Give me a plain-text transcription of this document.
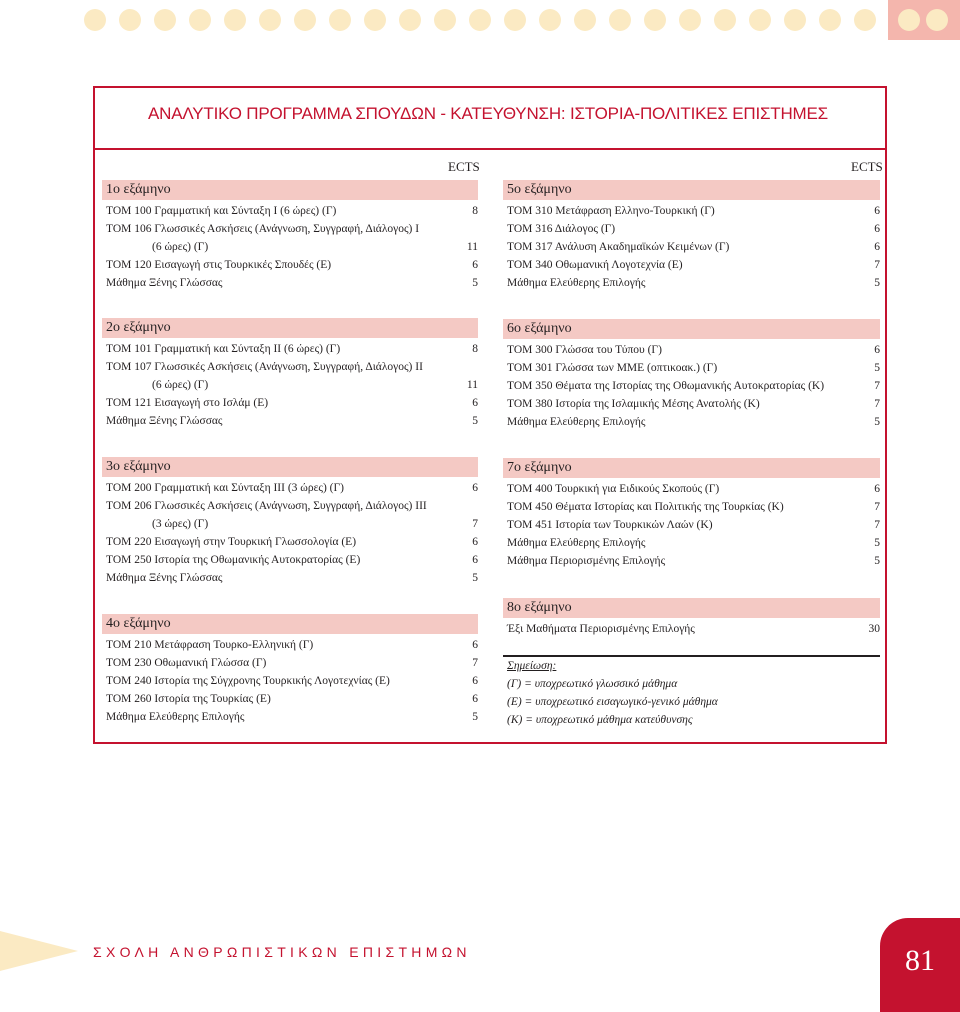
ΑΝΑΛΥΤΙΚΟ ΠΡΟΓΡΑΜΜΑ ΣΠΟΥΔΩΝ - ΚΑΤΕΥΘΥΝΣΗ: ΙΣΤΟΡΙΑ-ΠΟΛΙΤΙΚΕΣ ΕΠΙΣΤΗΜΕΣ
ECTS	ECTS
1ο εξάμηνο
ΤΟΜ 100 Γραμματική και Σύνταξη Ι (6 ώρες) (Γ)	8
ΤΟΜ 106 Γλωσσικές Ασκήσεις (Ανάγνωση, Συγγραφή, Διάλογος) Ι
(6 ώρες) (Γ)	11
ΤΟΜ 120 Εισαγωγή στις Τουρκικές Σπουδές (Ε)	6
Μάθημα Ξένης Γλώσσας	5
2ο εξάμηνο
ΤΟΜ 101 Γραμματική και Σύνταξη ΙΙ (6 ώρες) (Γ)	8
ΤΟΜ 107 Γλωσσικές Ασκήσεις (Ανάγνωση, Συγγραφή, Διάλογος) ΙΙ
(6 ώρες) (Γ)	11
ΤΟΜ 121 Εισαγωγή στο Ισλάμ (Ε)	6
Μάθημα Ξένης Γλώσσας	5
3ο εξάμηνο
ΤΟΜ 200 Γραμματική και Σύνταξη ΙΙΙ (3 ώρες) (Γ)	6
ΤΟΜ 206 Γλωσσικές Ασκήσεις (Ανάγνωση, Συγγραφή, Διάλογος) ΙΙΙ
(3 ώρες) (Γ)	7
ΤΟΜ 220 Εισαγωγή στην Τουρκική Γλωσσολογία (Ε)	6
ΤΟΜ 250 Ιστορία της Οθωμανικής Αυτοκρατορίας (Ε)	6
Μάθημα Ξένης Γλώσσας	5
4ο εξάμηνο
ΤΟΜ 210 Μετάφραση Τουρκο-Ελληνική (Γ)	6
ΤΟΜ 230 Οθωμανική Γλώσσα (Γ)	7
ΤΟΜ 240 Ιστορία της Σύγχρονης Τουρκικής Λογοτεχνίας (Ε)	6
ΤΟΜ 260 Ιστορία της Τουρκίας (Ε)	6
Μάθημα Ελεύθερης Επιλογής	5
5ο εξάμηνο
ΤΟΜ 310 Μετάφραση Ελληνο-Τουρκική (Γ)	6
ΤΟΜ 316 Διάλογος (Γ)	6
ΤΟΜ 317 Ανάλυση Ακαδημαϊκών Κειμένων (Γ)	6
ΤΟΜ 340 Οθωμανική Λογοτεχνία (Ε)	7
Μάθημα Ελεύθερης Επιλογής	5
6ο εξάμηνο
ΤΟΜ 300 Γλώσσα του Τύπου (Γ)	6
ΤΟΜ 301 Γλώσσα των ΜΜΕ (οπτικοακ.) (Γ)	5
ΤΟΜ 350 Θέματα της Ιστορίας της Οθωμανικής Αυτοκρατορίας (Κ)	7
ΤΟΜ 380 Ιστορία της Ισλαμικής Μέσης Ανατολής (Κ)	7
Μάθημα Ελεύθερης Επιλογής	5
7ο εξάμηνο
ΤΟΜ 400 Τουρκική για Ειδικούς Σκοπούς (Γ)	6
ΤΟΜ 450 Θέματα Ιστορίας και Πολιτικής της Τουρκίας (Κ)	7
ΤΟΜ 451 Ιστορία των Τουρκικών Λαών (Κ)	7
Μάθημα Ελεύθερης Επιλογής	5
Μάθημα Περιορισμένης Επιλογής	5
8ο εξάμηνο
Έξι Μαθήματα Περιορισμένης Επιλογής	30
Σημείωση:
(Γ) = υποχρεωτικό γλωσσικό μάθημα
(Ε) = υποχρεωτικό εισαγωγικό-γενικό μάθημα
(Κ) = υποχρεωτικό μάθημα κατεύθυνσης
ΣΧΟΛΗ ΑΝΘΡΩΠΙΣΤΙΚΩΝ ΕΠΙΣΤΗΜΩΝ	81
